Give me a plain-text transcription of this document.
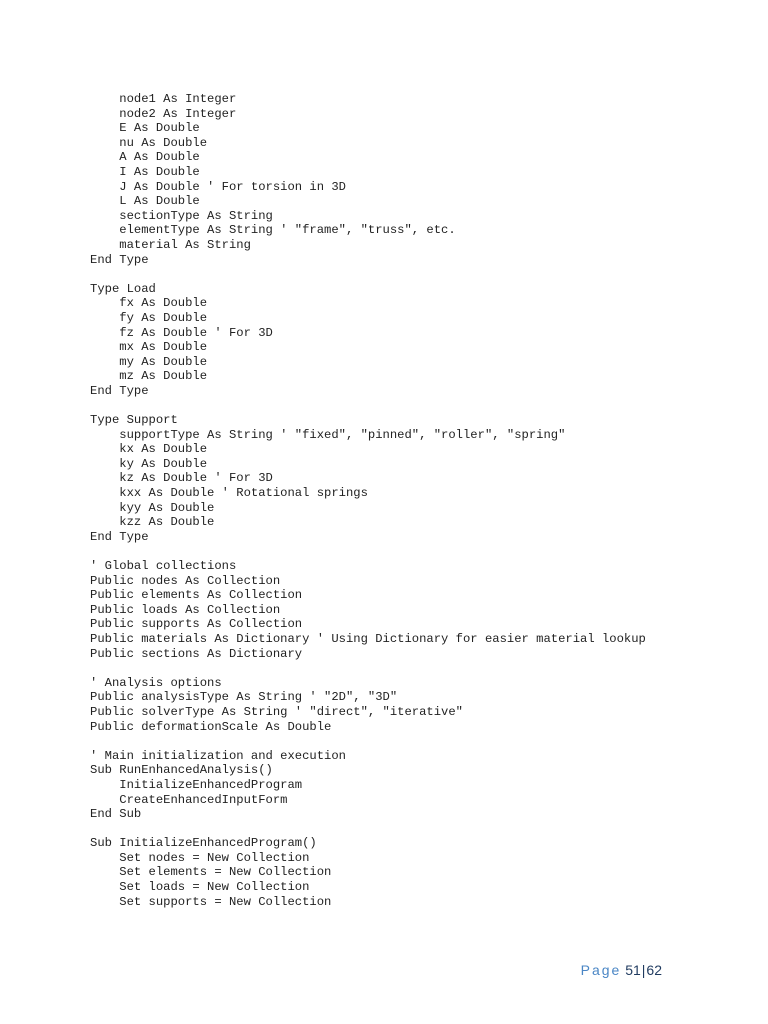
node1 As Integer
node2 As Integer
E As Double
nu As Double
A As Double
I As Double
J As Double ' For torsion in 3D
L As Double
sectionType As String
elementType As String ' "frame", "truss", etc.
material As String
End Type
Type Load
fx As Double
fy As Double
fz As Double ' For 3D
mx As Double
my As Double
mz As Double
End Type
Type Support
supportType As String ' "fixed", "pinned", "roller", "spring"
kx As Double
ky As Double
kz As Double ' For 3D
kxx As Double ' Rotational springs
kyy As Double
kzz As Double
End Type
' Global collections
Public nodes As Collection
Public elements As Collection
Public loads As Collection
Public supports As Collection
Public materials As Dictionary ' Using Dictionary for easier material lookup
Public sections As Dictionary
' Analysis options
Public analysisType As String ' "2D", "3D"
Public solverType As String ' "direct", "iterative"
Public deformationScale As Double
' Main initialization and execution
Sub RunEnhancedAnalysis()
InitializeEnhancedProgram
CreateEnhancedInputForm
End Sub
Sub InitializeEnhancedProgram()
Set nodes = New Collection
Set elements = New Collection
Set loads = New Collection
Set supports = New Collection
Page 51|62
